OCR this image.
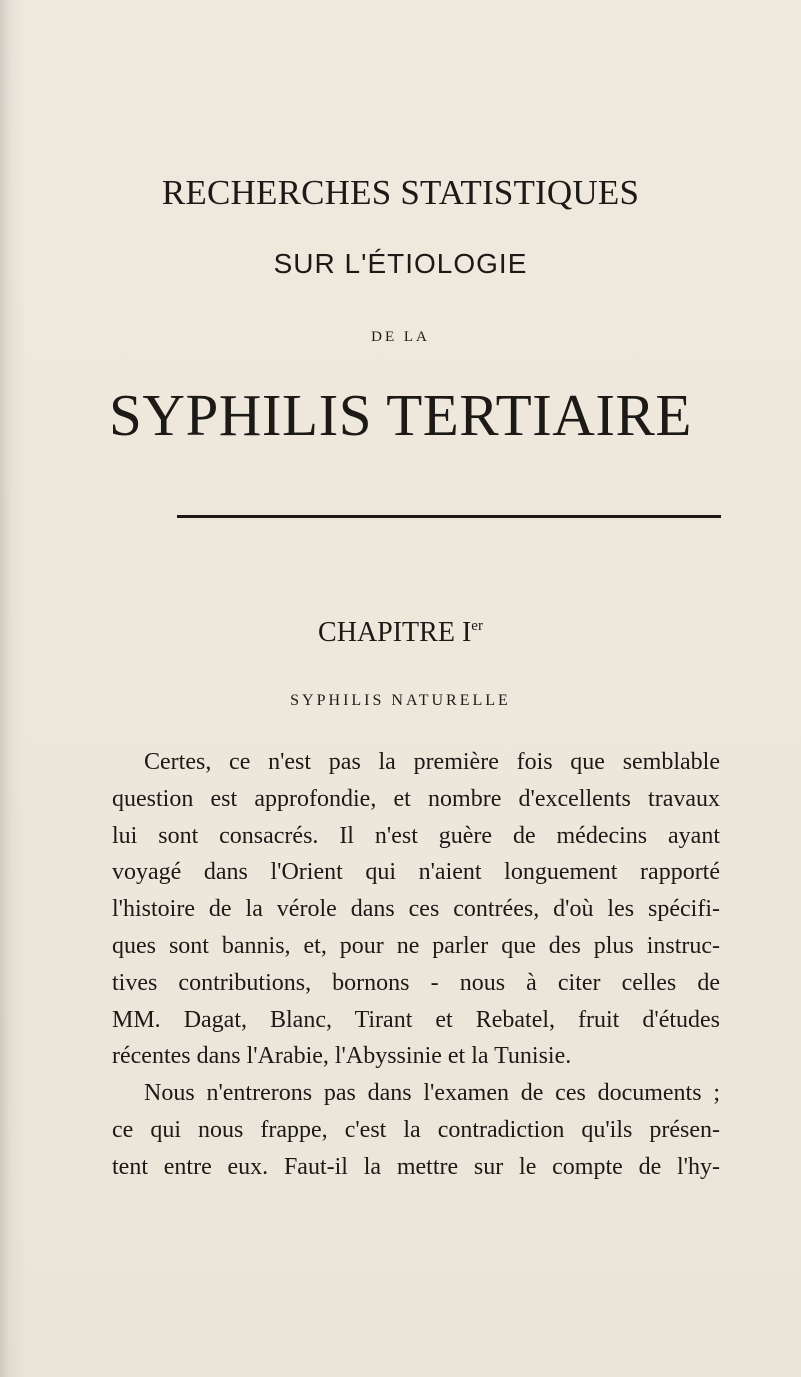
RECHERCHES STATISTIQUES
SUR L'ÉTIOLOGIE
DE LA
SYPHILIS TERTIAIRE
CHAPITRE Ier
SYPHILIS NATURELLE
Certes, ce n'est pas la première fois que semblable
question est approfondie, et nombre d'excellents travaux
lui sont consacrés. Il n'est guère de médecins ayant
voyagé dans l'Orient qui n'aient longuement rapporté
l'histoire de la vérole dans ces contrées, d'où les spécifi-
ques sont bannis, et, pour ne parler que des plus instruc-
tives contributions, bornons - nous à citer celles de
MM. Dagat, Blanc, Tirant et Rebatel, fruit d'études
récentes dans l'Arabie, l'Abyssinie et la Tunisie.
Nous n'entrerons pas dans l'examen de ces documents ;
ce qui nous frappe, c'est la contradiction qu'ils présen-
tent entre eux. Faut-il la mettre sur le compte de l'hy-
